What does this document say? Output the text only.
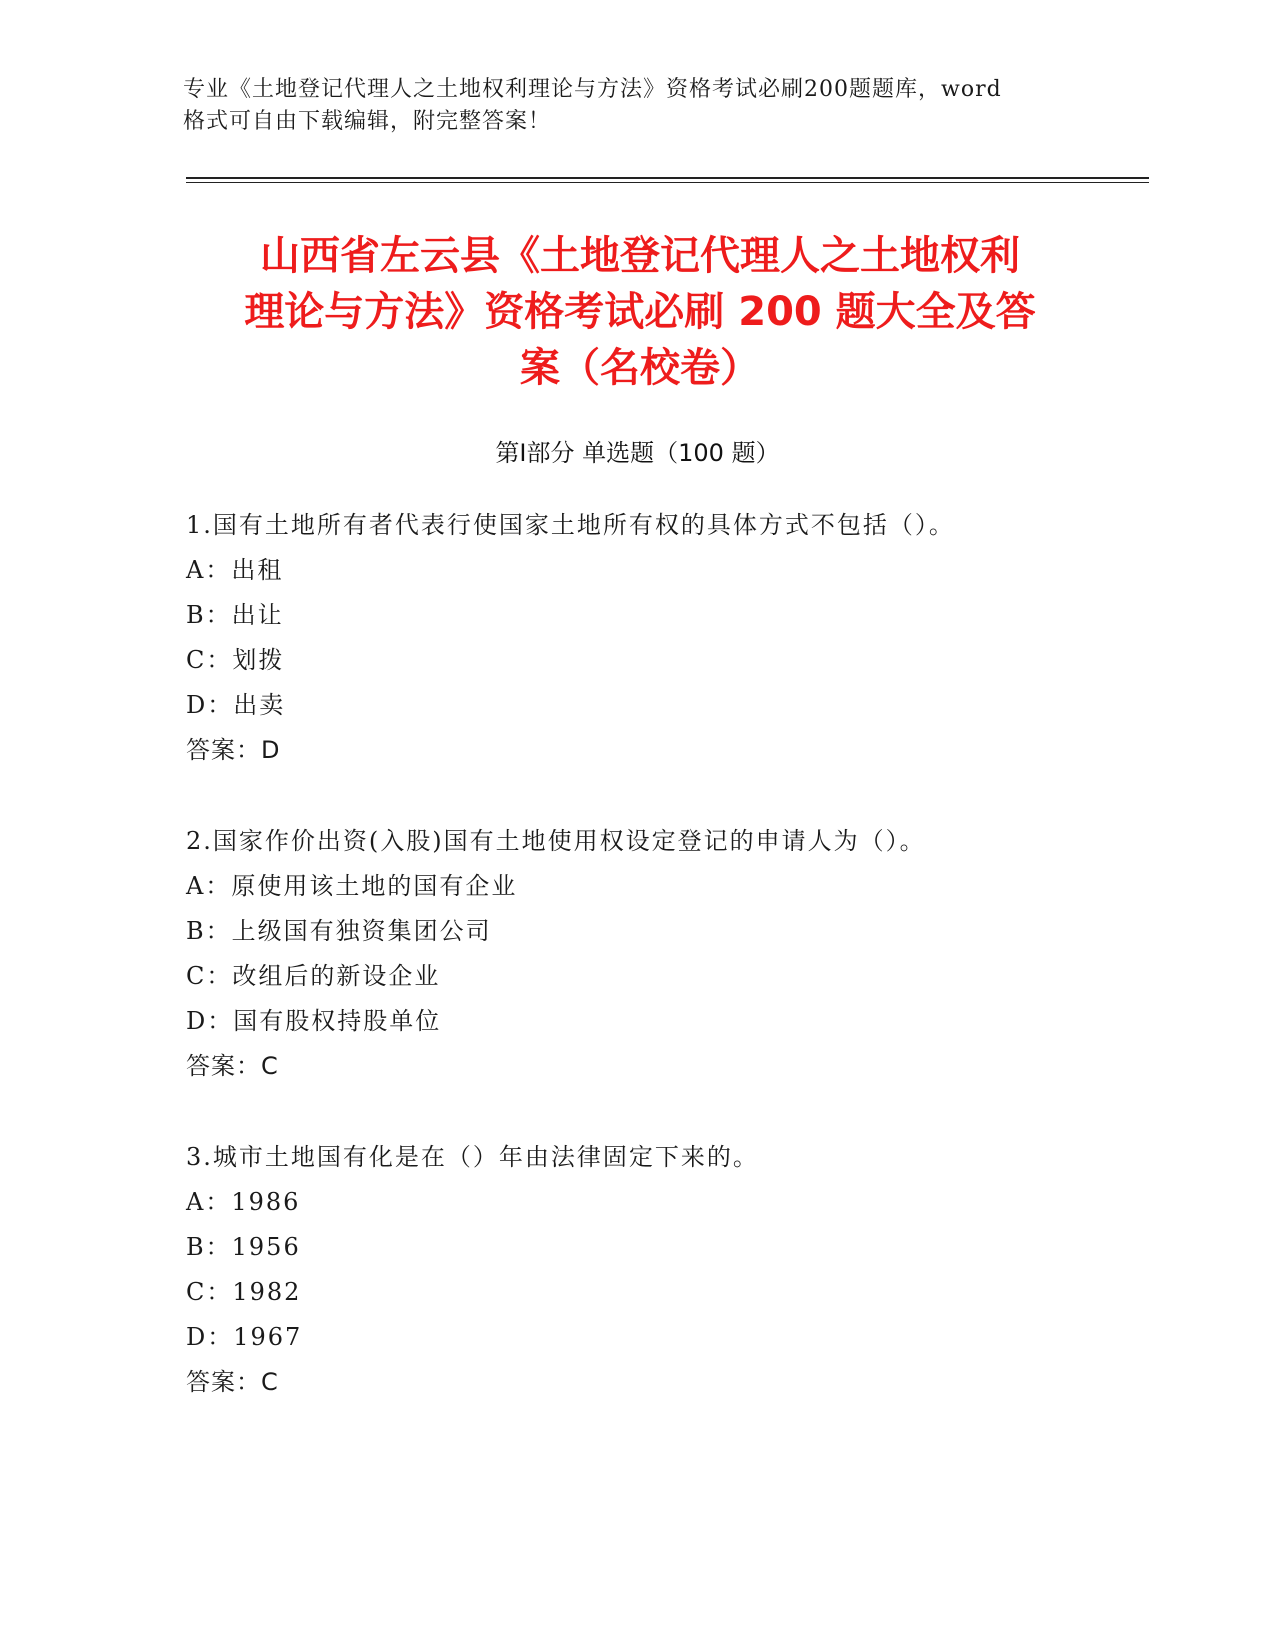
专业《土地登记代理人之土地权利理论与方法》资格考试必刷200题题库，word
格式可自由下载编辑，附完整答案！
山西省左云县《土地登记代理人之土地权利
理论与方法》资格考试必刷 200 题大全及答
案（名校卷）
第Ⅰ部分 单选题（100 题）
1.国有土地所有者代表行使国家土地所有权的具体方式不包括（）。
A：出租
B：出让
C：划拨
D：出卖
答案：D
2.国家作价出资(入股)国有土地使用权设定登记的申请人为（）。
A：原使用该土地的国有企业
B：上级国有独资集团公司
C：改组后的新设企业
D：国有股权持股单位
答案：C
3.城市土地国有化是在（）年由法律固定下来的。
A：1986
B：1956
C：1982
D：1967
答案：C
